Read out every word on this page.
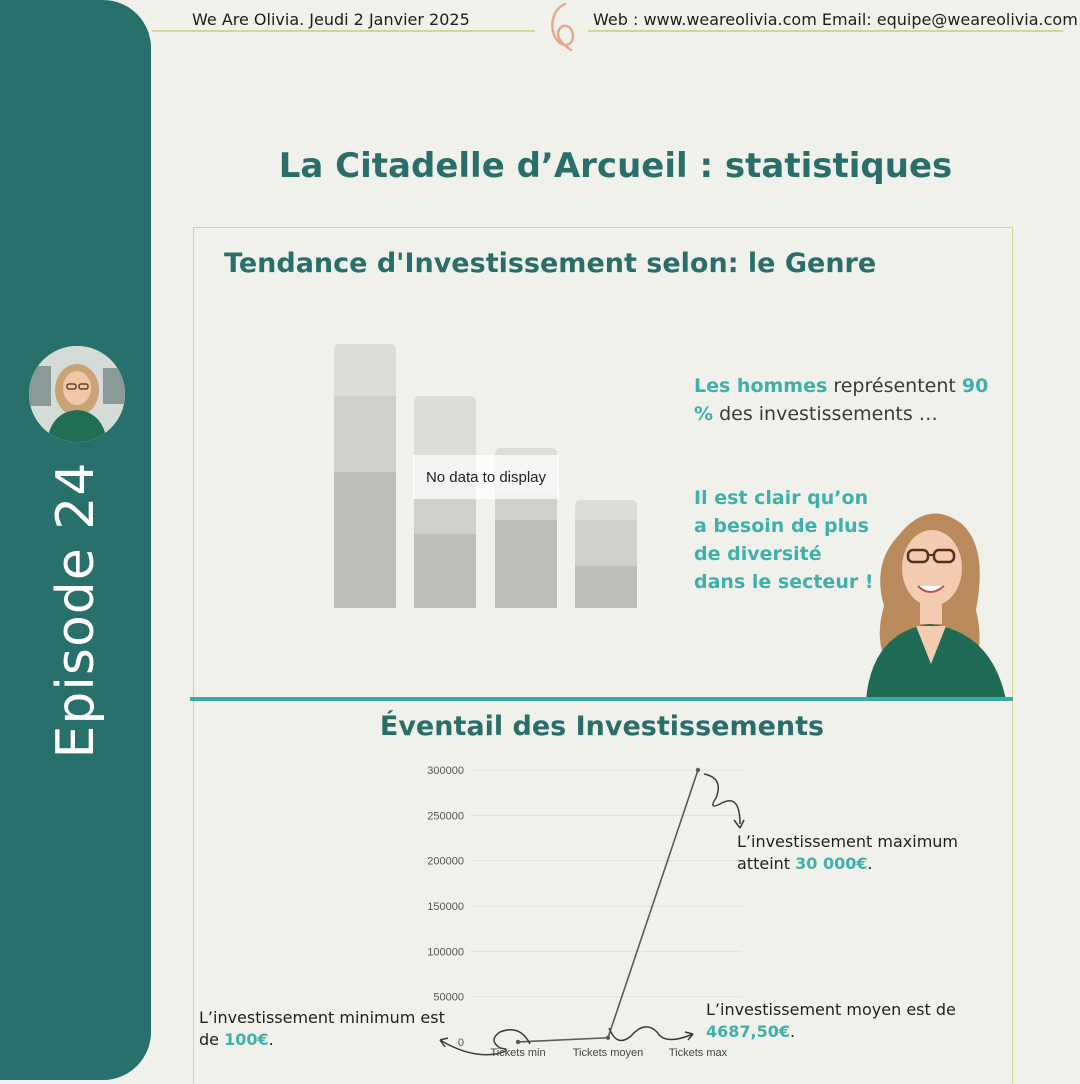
Episode 24
We Are Olivia. Jeudi 2 Janvier 2025	Web : www.weareolivia.com Email: equipe@weareolivia.com
La Citadelle d’Arcueil : statistiques
Tendance d'Investissement selon: le Genre
No data to display
Les hommes représentent 90
% des investissements …
Il est clair qu’on
a besoin de plus
de diversité
dans le secteur !
Éventail des Investissements
0
50000
100000
150000
200000
250000
300000
Tickets min Tickets moyen Tickets max
L’investissement minimum est de 100€.
L’investissement moyen est de 4687,50€.
L’investissement maximum atteint 30 000€.
